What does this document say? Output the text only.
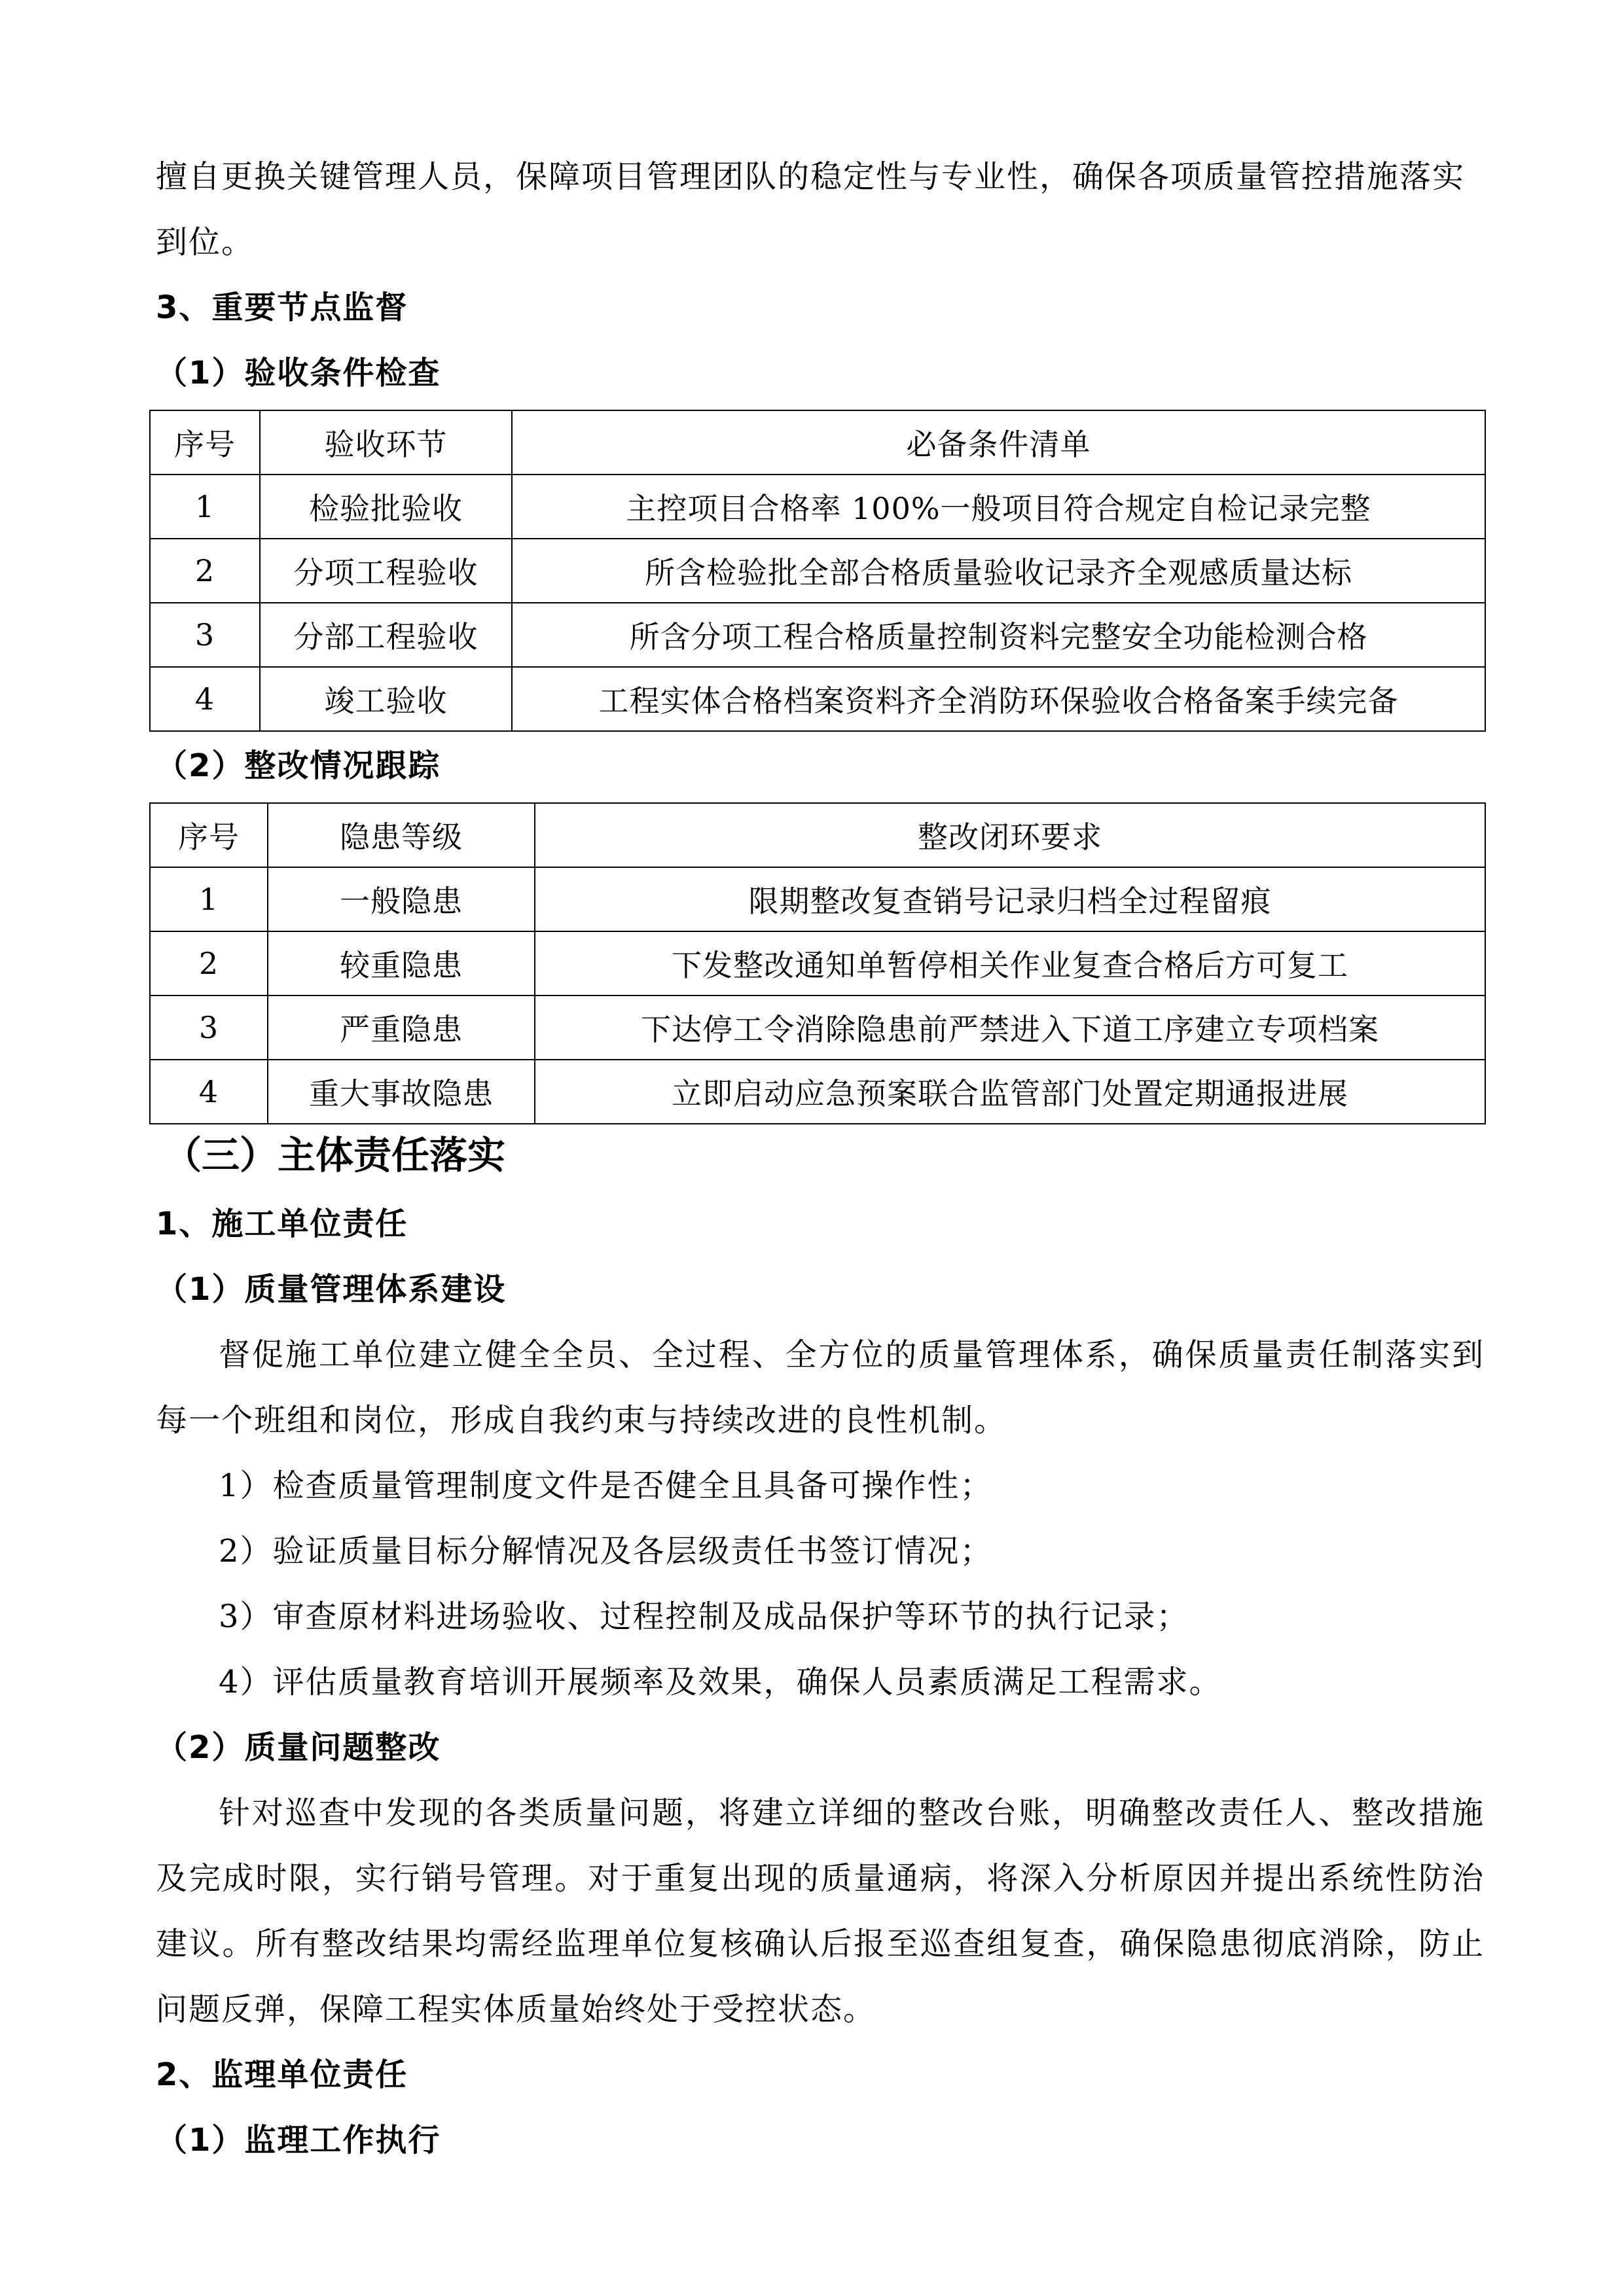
擅自更换关键管理人员，保障项目管理团队的稳定性与专业性，确保各项质量管控措施落实
到位。
3、重要节点监督
（1）验收条件检查
序号	验收环节	必备条件清单
1	检验批验收	主控项目合格率 100%一般项目符合规定自检记录完整
2	分项工程验收	所含检验批全部合格质量验收记录齐全观感质量达标
3	分部工程验收	所含分项工程合格质量控制资料完整安全功能检测合格
4	竣工验收	工程实体合格档案资料齐全消防环保验收合格备案手续完备
（2）整改情况跟踪
序号	隐患等级	整改闭环要求
1	一般隐患	限期整改复查销号记录归档全过程留痕
2	较重隐患	下发整改通知单暂停相关作业复查合格后方可复工
3	严重隐患	下达停工令消除隐患前严禁进入下道工序建立专项档案
4	重大事故隐患	立即启动应急预案联合监管部门处置定期通报进展
（三）主体责任落实
1、施工单位责任
（1）质量管理体系建设
督促施工单位建立健全全员、全过程、全方位的质量管理体系，确保质量责任制落实到每一个班组和岗位，形成自我约束与持续改进的良性机制。
1）检查质量管理制度文件是否健全且具备可操作性；
2）验证质量目标分解情况及各层级责任书签订情况；
3）审查原材料进场验收、过程控制及成品保护等环节的执行记录；
4）评估质量教育培训开展频率及效果，确保人员素质满足工程需求。
（2）质量问题整改
针对巡查中发现的各类质量问题，将建立详细的整改台账，明确整改责任人、整改措施及完成时限，实行销号管理。对于重复出现的质量通病，将深入分析原因并提出系统性防治建议。所有整改结果均需经监理单位复核确认后报至巡查组复查，确保隐患彻底消除，防止问题反弹，保障工程实体质量始终处于受控状态。
2、监理单位责任
（1）监理工作执行
